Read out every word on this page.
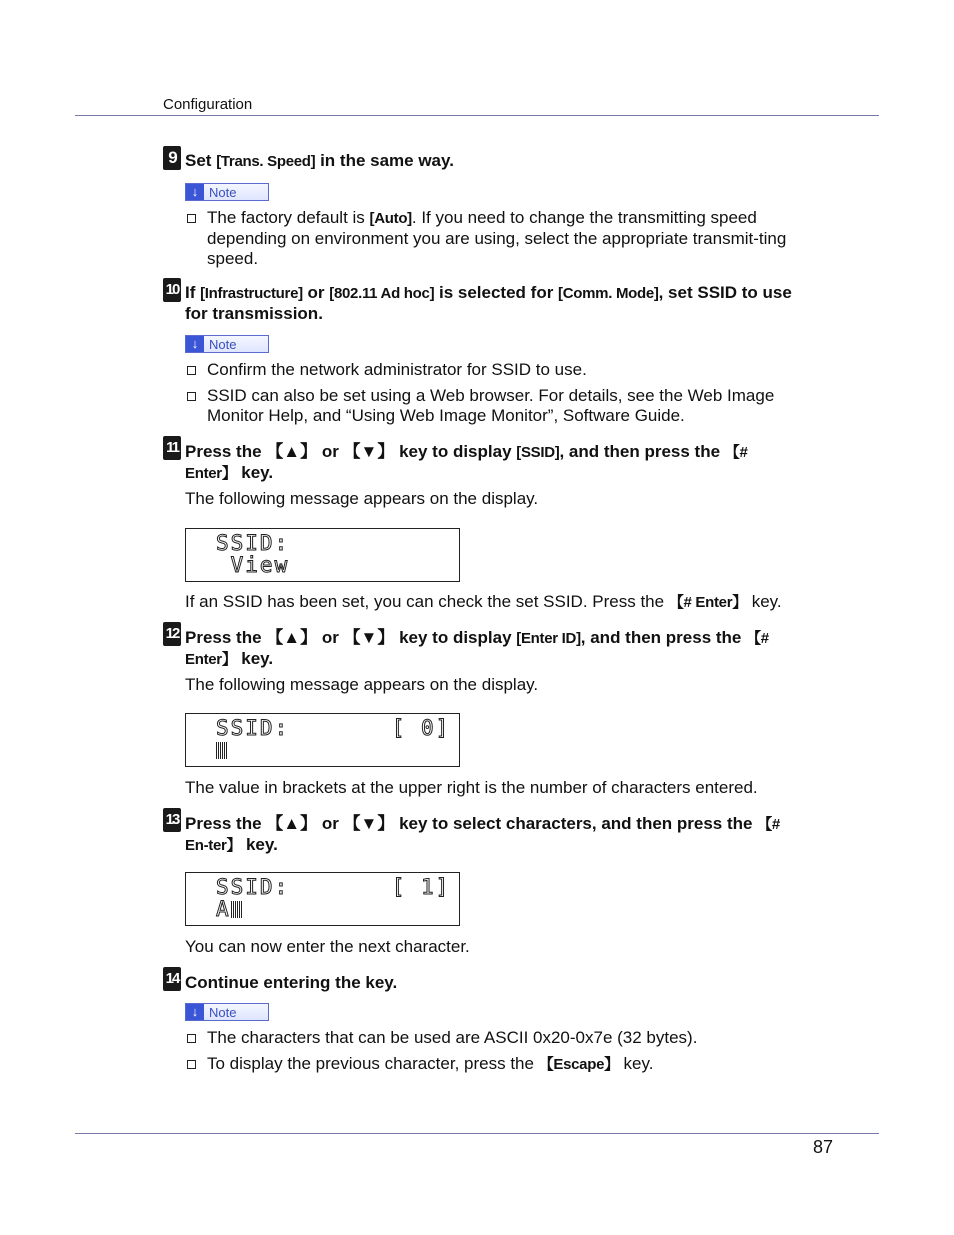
Configuration
9 Set [Trans. Speed] in the same way.
↓ Note
The factory default is [Auto]. If you need to change the transmitting speed depending on environment you are using, select the appropriate transmit-ting speed.
10 If [Infrastructure] or [802.11 Ad hoc] is selected for [Comm. Mode], set SSID to use for transmission.
↓ Note
Confirm the network administrator for SSID to use.
SSID can also be set using a Web browser. For details, see the Web Image Monitor Help, and “Using Web Image Monitor”, Software Guide.
11 Press the 【▲】 or 【▼】 key to display [SSID], and then press the 【# Enter】 key.
The following message appears on the display.

SSID:

View

If an SSID has been set, you can check the set SSID. Press the 【# Enter】 key.
12 Press the 【▲】 or 【▼】 key to display [Enter ID], and then press the 【# Enter】 key.
The following message appears on the display.

SSID:       [ 0]

The value in brackets at the upper right is the number of characters entered.
13 Press the 【▲】 or 【▼】 key to select characters, and then press the 【# En-ter】 key.

SSID:       [ 1]

A

You can now enter the next character.
14 Continue entering the key.
↓ Note
The characters that can be used are ASCII 0x20-0x7e (32 bytes).
To display the previous character, press the 【Escape】 key.
87
